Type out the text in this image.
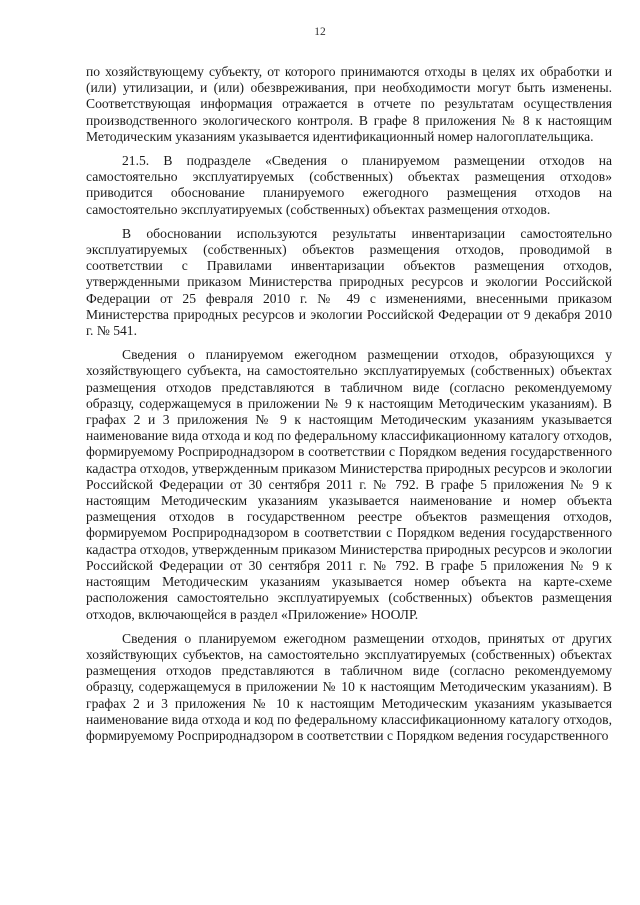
12

по хозяйствующему субъекту, от которого принимаются отходы в целях их обработки и (или) утилизации, и (или) обезвреживания, при необходимости могут быть изменены. Соответствующая информация отражается в отчете по результатам осуществления производственного экологического контроля. В графе 8 приложения № 8 к настоящим Методическим указаниям указывается идентификационный номер налогоплательщика.

21.5. В подразделе «Сведения о планируемом размещении отходов на самостоятельно эксплуатируемых (собственных) объектах размещения отходов» приводится обоснование планируемого ежегодного размещения отходов на самостоятельно эксплуатируемых (собственных) объектах размещения отходов.

В обосновании используются результаты инвентаризации самостоятельно эксплуатируемых (собственных) объектов размещения отходов, проводимой в соответствии с Правилами инвентаризации объектов размещения отходов, утвержденными приказом Министерства природных ресурсов и экологии Российской Федерации от 25 февраля 2010 г. № 49 с изменениями, внесенными приказом Министерства природных ресурсов и экологии Российской Федерации от 9 декабря 2010 г. № 541.

Сведения о планируемом ежегодном размещении отходов, образующихся у хозяйствующего субъекта, на самостоятельно эксплуатируемых (собственных) объектах размещения отходов представляются в табличном виде (согласно рекомендуемому образцу, содержащемуся в приложении № 9 к настоящим Методическим указаниям). В графах 2 и 3 приложения № 9 к настоящим Методическим указаниям указывается наименование вида отхода и код по федеральному классификационному каталогу отходов, формируемому Росприроднадзором в соответствии с Порядком ведения государственного кадастра отходов, утвержденным приказом Министерства природных ресурсов и экологии Российской Федерации от 30 сентября 2011 г. № 792. В графе 5 приложения № 9 к настоящим Методическим указаниям указывается наименование и номер объекта размещения отходов в государственном реестре объектов размещения отходов, формируемом Росприроднадзором в соответствии с Порядком ведения государственного кадастра отходов, утвержденным приказом Министерства природных ресурсов и экологии Российской Федерации от 30 сентября 2011 г. № 792. В графе 5 приложения № 9 к настоящим Методическим указаниям указывается номер объекта на карте-схеме расположения самостоятельно эксплуатируемых (собственных) объектов размещения отходов, включающейся в раздел «Приложение» НООЛР.

Сведения о планируемом ежегодном размещении отходов, принятых от других хозяйствующих субъектов, на самостоятельно эксплуатируемых (собственных) объектах размещения отходов представляются в табличном виде (согласно рекомендуемому образцу, содержащемуся в приложении № 10 к настоящим Методическим указаниям). В графах 2 и 3 приложения № 10 к настоящим Методическим указаниям указывается наименование вида отхода и код по федеральному классификационному каталогу отходов, формируемому Росприроднадзором в соответствии с Порядком ведения государственного
